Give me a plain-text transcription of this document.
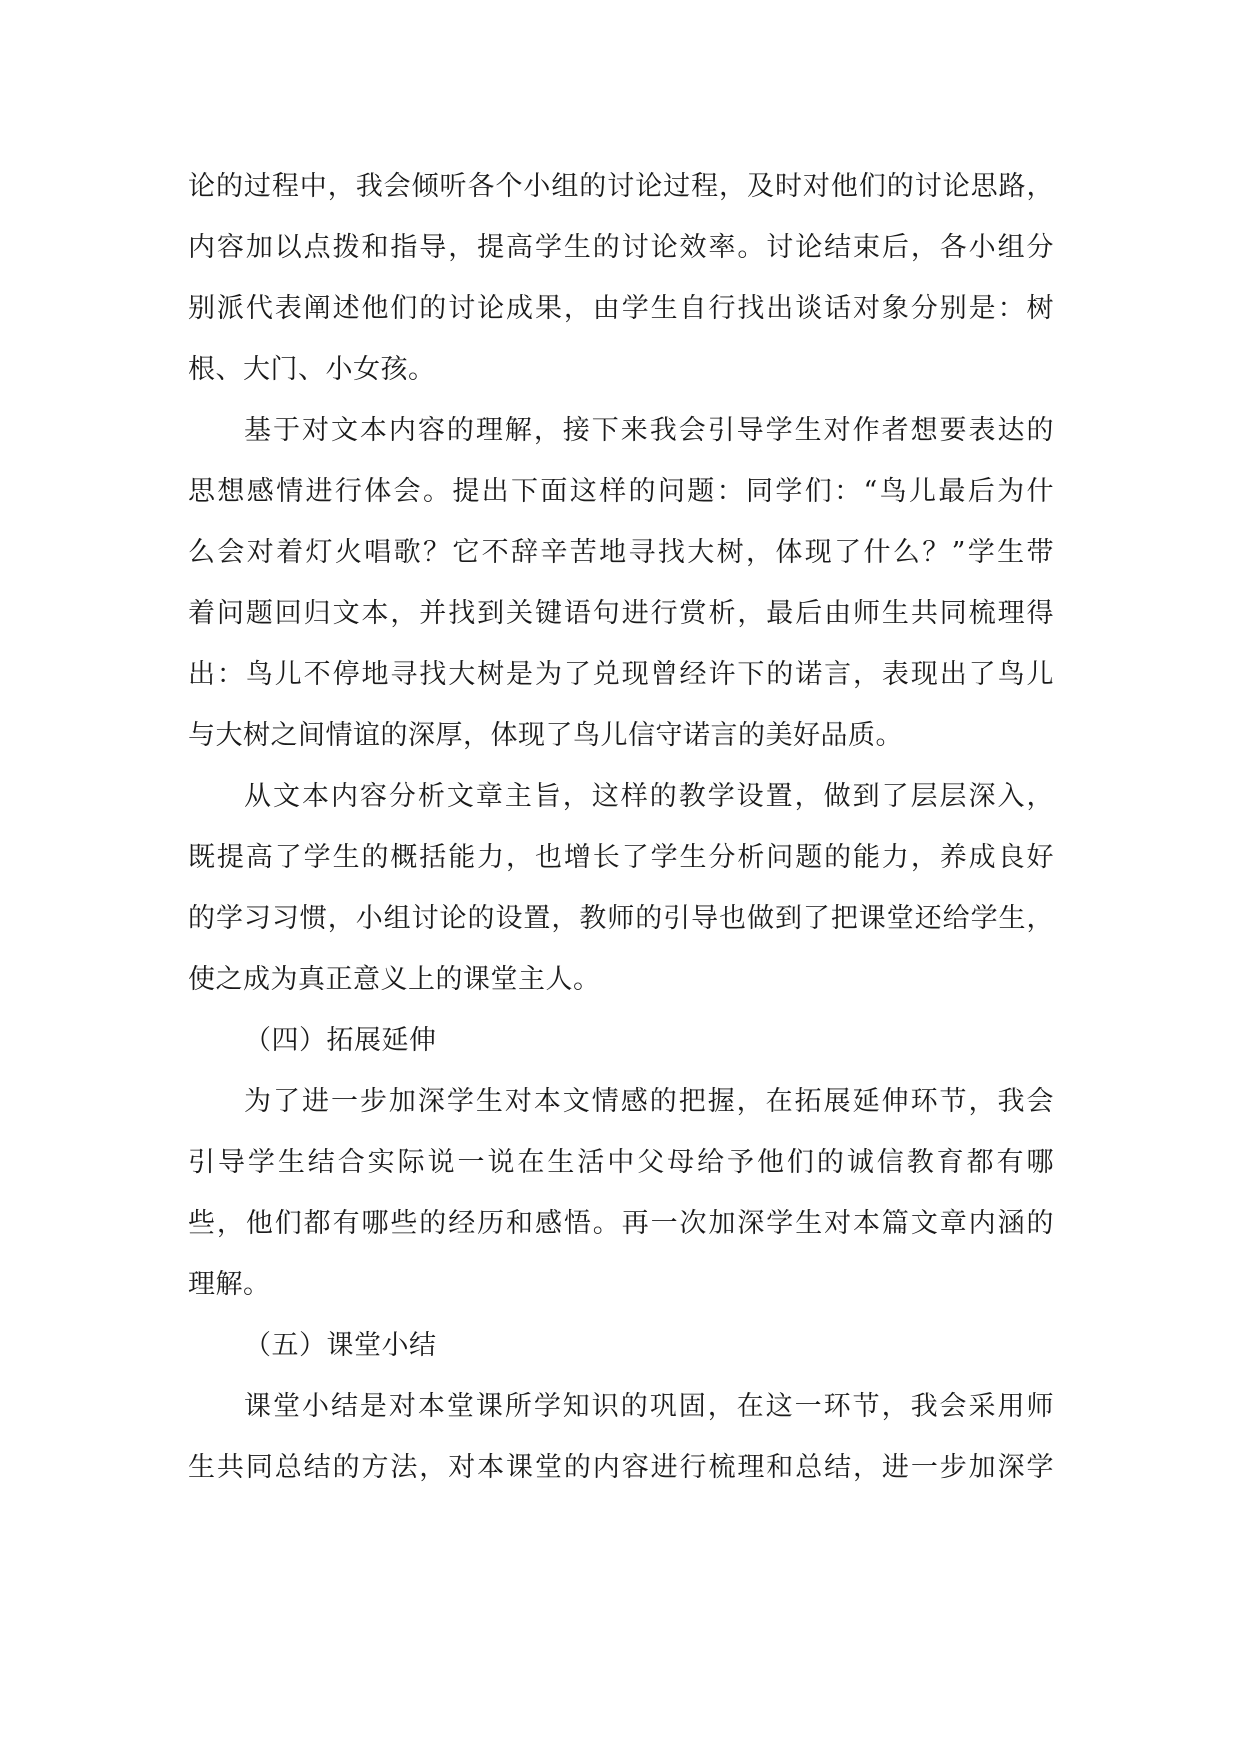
论的过程中，我会倾听各个小组的讨论过程，及时对他们的讨论思路，
内容加以点拨和指导，提高学生的讨论效率。讨论结束后，各小组分
别派代表阐述他们的讨论成果，由学生自行找出谈话对象分别是：树
根、大门、小女孩。
基于对文本内容的理解，接下来我会引导学生对作者想要表达的
思想感情进行体会。提出下面这样的问题：同学们：“鸟儿最后为什
么会对着灯火唱歌？它不辞辛苦地寻找大树，体现了什么？”学生带
着问题回归文本，并找到关键语句进行赏析，最后由师生共同梳理得
出：鸟儿不停地寻找大树是为了兑现曾经许下的诺言，表现出了鸟儿
与大树之间情谊的深厚，体现了鸟儿信守诺言的美好品质。
从文本内容分析文章主旨，这样的教学设置，做到了层层深入，
既提高了学生的概括能力，也增长了学生分析问题的能力，养成良好
的学习习惯，小组讨论的设置，教师的引导也做到了把课堂还给学生，
使之成为真正意义上的课堂主人。
（四）拓展延伸
为了进一步加深学生对本文情感的把握，在拓展延伸环节，我会
引导学生结合实际说一说在生活中父母给予他们的诚信教育都有哪
些，他们都有哪些的经历和感悟。再一次加深学生对本篇文章内涵的
理解。
（五）课堂小结
课堂小结是对本堂课所学知识的巩固，在这一环节，我会采用师
生共同总结的方法，对本课堂的内容进行梳理和总结，进一步加深学
